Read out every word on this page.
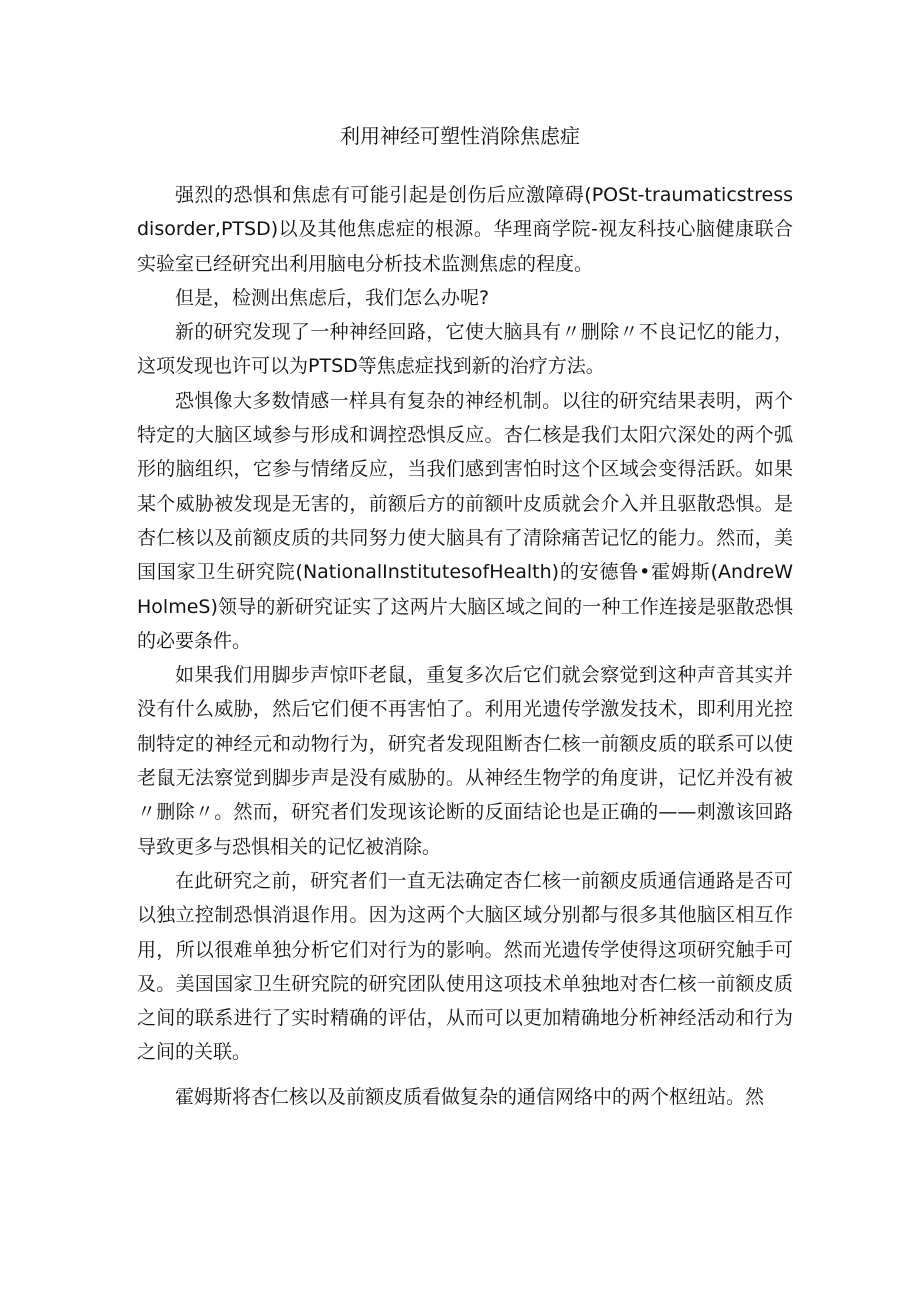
利用神经可塑性消除焦虑症

强烈的恐惧和焦虑有可能引起是创伤后应激障碍(POSt-traumaticstressdisorder,PTSD)以及其他焦虑症的根源。华理商学院-视友科技心脑健康联合实验室已经研究出利用脑电分析技术监测焦虑的程度。

但是，检测出焦虑后，我们怎么办呢?

新的研究发现了一种神经回路，它使大脑具有〃删除〃不良记忆的能力，这项发现也许可以为PTSD等焦虑症找到新的治疗方法。

恐惧像大多数情感一样具有复杂的神经机制。以往的研究结果表明，两个特定的大脑区域参与形成和调控恐惧反应。杏仁核是我们太阳穴深处的两个弧形的脑组织，它参与情绪反应，当我们感到害怕时这个区域会变得活跃。如果某个威胁被发现是无害的，前额后方的前额叶皮质就会介入并且驱散恐惧。是杏仁核以及前额皮质的共同努力使大脑具有了清除痛苦记忆的能力。然而，美国国家卫生研究院(NationalInstitutesofHealth)的安德鲁•霍姆斯(AndreWHolmeS)领导的新研究证实了这两片大脑区域之间的一种工作连接是驱散恐惧的必要条件。

如果我们用脚步声惊吓老鼠，重复多次后它们就会察觉到这种声音其实并没有什么威胁，然后它们便不再害怕了。利用光遗传学激发技术，即利用光控制特定的神经元和动物行为，研究者发现阻断杏仁核一前额皮质的联系可以使老鼠无法察觉到脚步声是没有威胁的。从神经生物学的角度讲，记忆并没有被〃删除〃。然而，研究者们发现该论断的反面结论也是正确的——刺激该回路导致更多与恐惧相关的记忆被消除。

在此研究之前，研究者们一直无法确定杏仁核一前额皮质通信通路是否可以独立控制恐惧消退作用。因为这两个大脑区域分别都与很多其他脑区相互作用，所以很难单独分析它们对行为的影响。然而光遗传学使得这项研究触手可及。美国国家卫生研究院的研究团队使用这项技术单独地对杏仁核一前额皮质之间的联系进行了实时精确的评估，从而可以更加精确地分析神经活动和行为之间的关联。

霍姆斯将杏仁核以及前额皮质看做复杂的通信网络中的两个枢纽站。然
